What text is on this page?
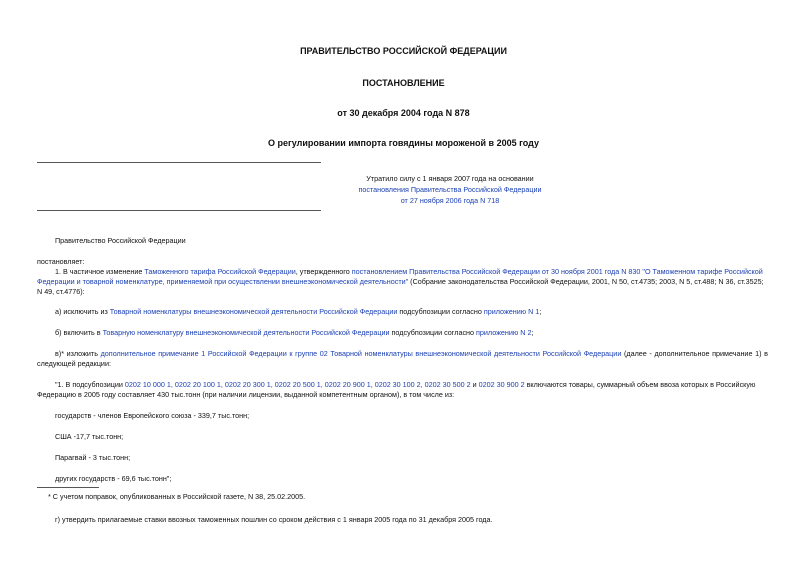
ПРАВИТЕЛЬСТВО РОССИЙСКОЙ ФЕДЕРАЦИИ
ПОСТАНОВЛЕНИЕ
от 30 декабря 2004 года N 878
О регулировании импорта говядины мороженой в 2005 году
Утратило силу с 1 января 2007 года на основании
постановления Правительства Российской Федерации
от 27 ноября 2006 года N 718
Правительство Российской Федерации
постановляет:
1. В частичное изменение Таможенного тарифа Российской Федерации, утвержденного постановлением Правительства Российской Федерации от 30 ноября 2001 года N 830 "О Таможенном тарифе Российской
Федерации и товарной номенклатуре, применяемой при осуществлении внешнеэкономической деятельности" (Собрание законодательства Российской Федерации, 2001, N 50, ст.4735; 2003, N 5, ст.488; N 36, ст.3525;
N 49, ст.4776):
а) исключить из Товарной номенклатуры внешнеэкономической деятельности Российской Федерации подсубпозиции согласно приложению N 1;
б) включить в Товарную номенклатуру внешнеэкономической деятельности Российской Федерации подсубпозиции согласно приложению N 2;
в)* изложить дополнительное примечание 1 Российской Федерации к группе 02 Товарной номенклатуры внешнеэкономической деятельности Российской Федерации (далее - дополнительное примечание 1) в
следующей редакции:
"1. В подсубпозиции 0202 10 000 1, 0202 20 100 1, 0202 20 300 1, 0202 20 500 1, 0202 20 900 1, 0202 30 100 2, 0202 30 500 2 и 0202 30 900 2 включаются товары, суммарный объем ввоза которых в Российскую
Федерацию в 2005 году составляет 430 тыс.тонн (при наличии лицензии, выданной компетентным органом), в том числе из:
государств - членов Европейского союза - 339,7 тыс.тонн;
США -17,7 тыс.тонн;
Парагвай - 3 тыс.тонн;
других государств - 69,6 тыс.тонн";
* С учетом поправок, опубликованных в Российской газете, N 38, 25.02.2005.
г) утвердить прилагаемые ставки ввозных таможенных пошлин со сроком действия с 1 января 2005 года по 31 декабря 2005 года.
